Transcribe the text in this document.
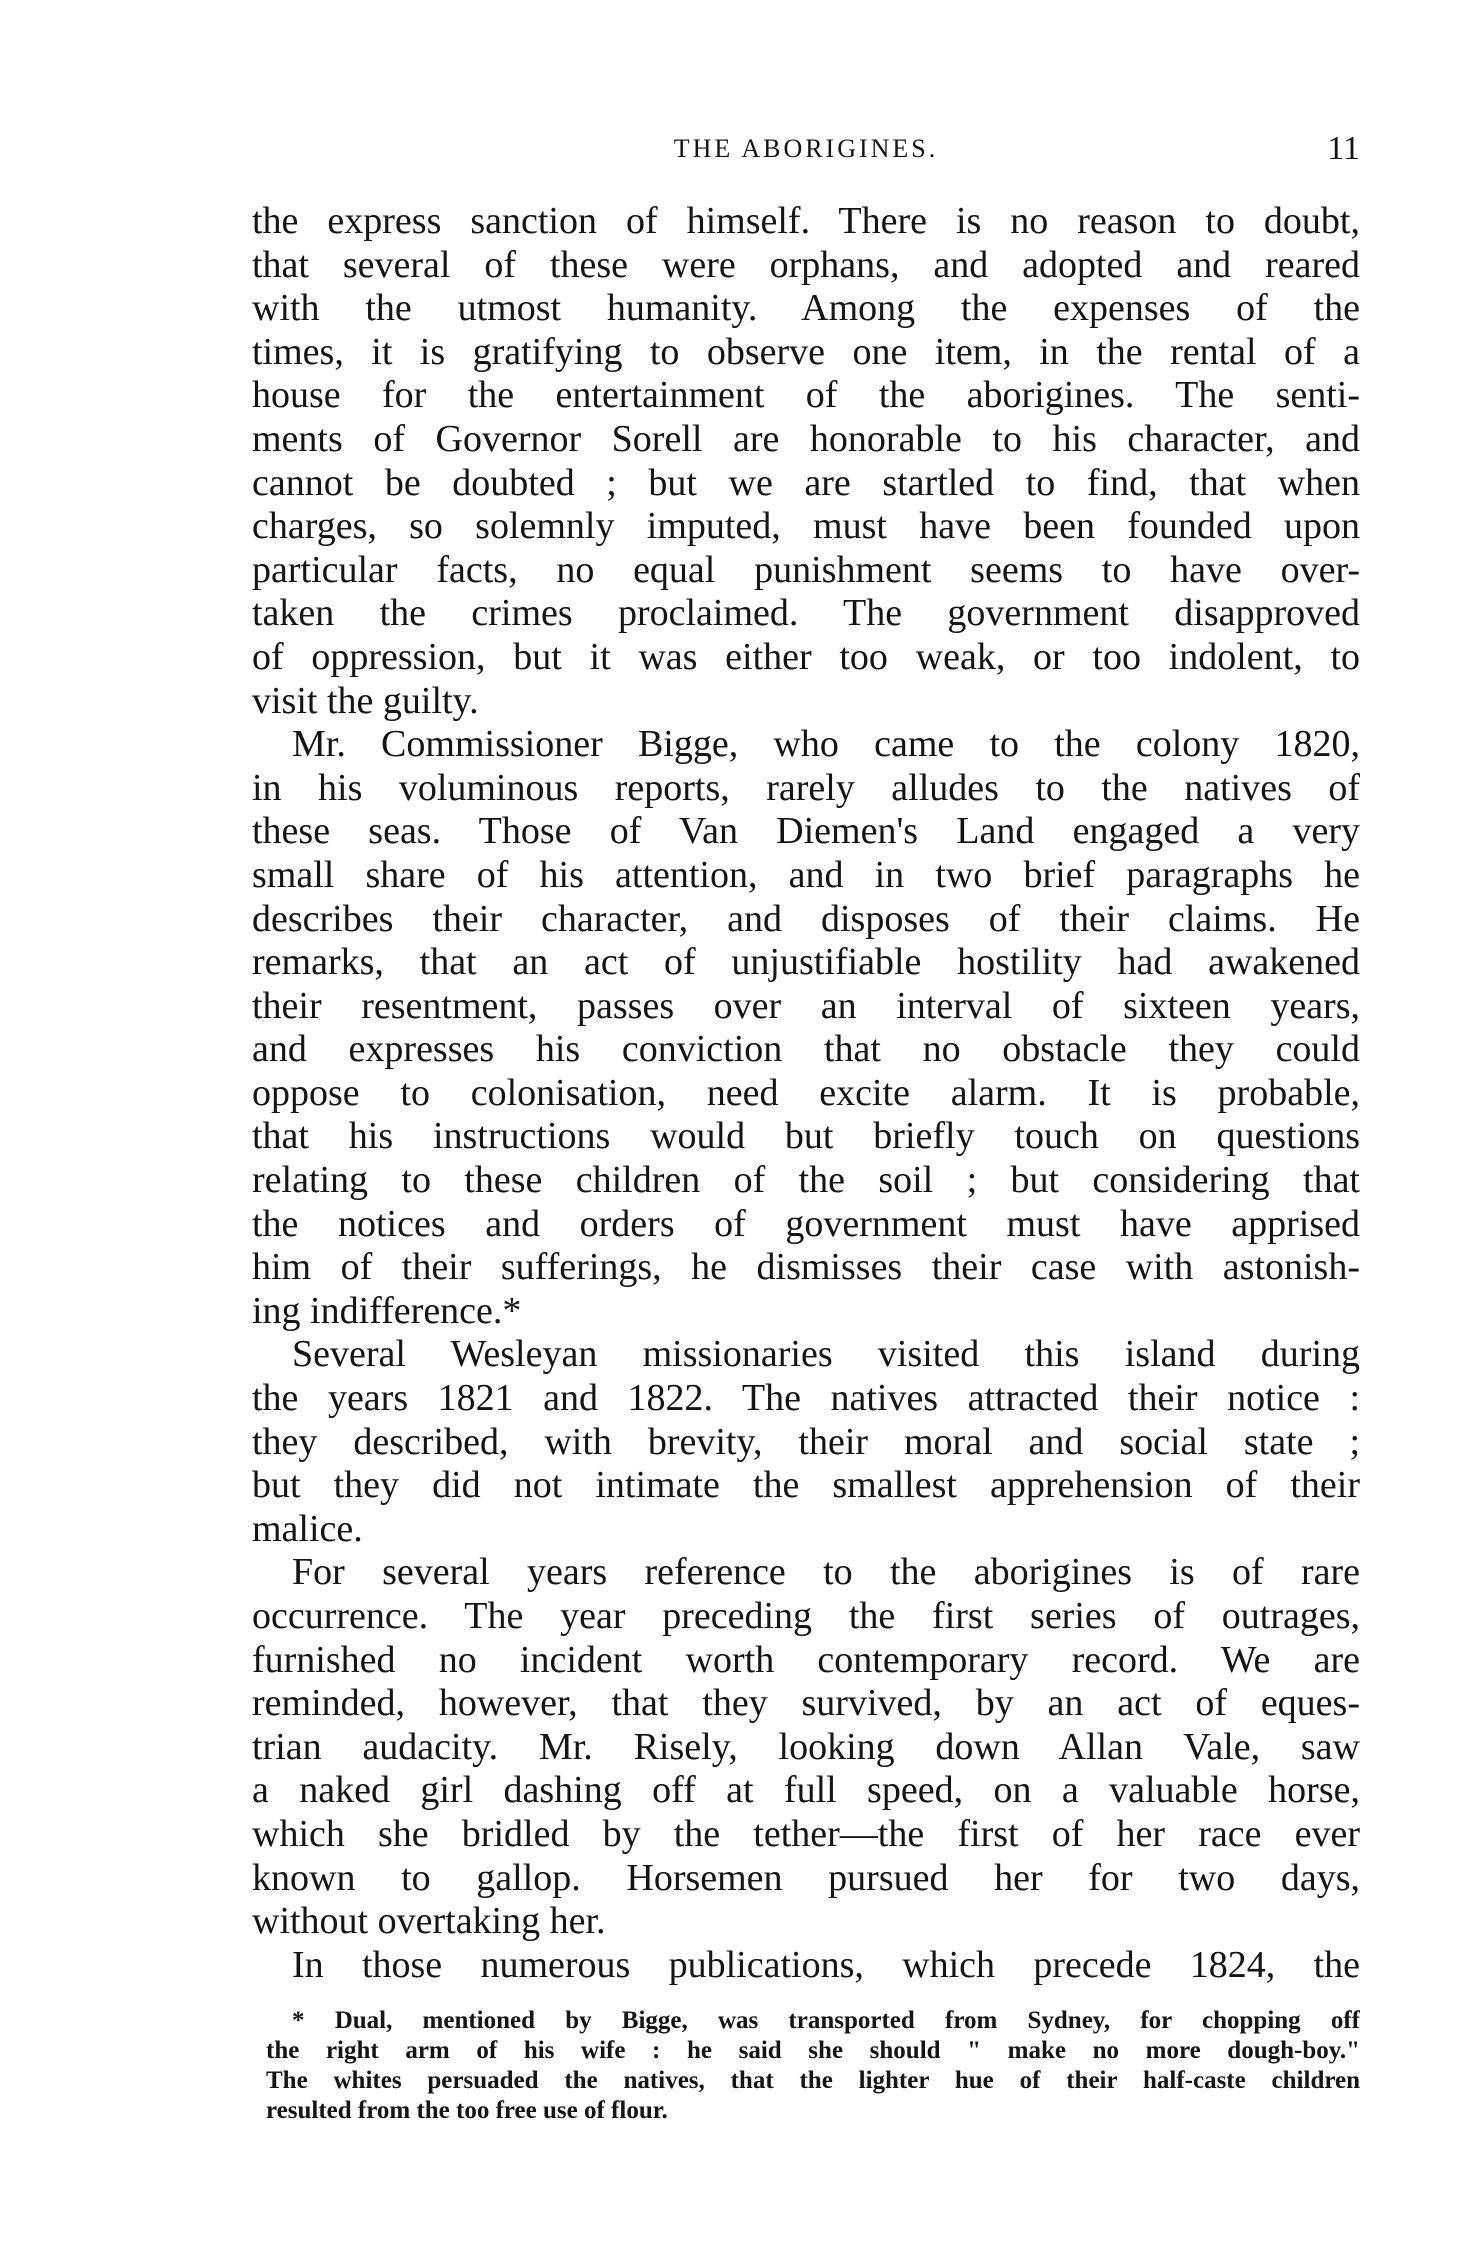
THE ABORIGINES.	11
the express sanction of himself. There is no reason to doubt,
that several of these were orphans, and adopted and reared
with the utmost humanity. Among the expenses of the
times, it is gratifying to observe one item, in the rental of a
house for the entertainment of the aborigines. The senti-
ments of Governor Sorell are honorable to his character, and
cannot be doubted ; but we are startled to find, that when
charges, so solemnly imputed, must have been founded upon
particular facts, no equal punishment seems to have over-
taken the crimes proclaimed. The government disapproved
of oppression, but it was either too weak, or too indolent, to
visit the guilty.
Mr. Commissioner Bigge, who came to the colony 1820,
in his voluminous reports, rarely alludes to the natives of
these seas. Those of Van Diemen's Land engaged a very
small share of his attention, and in two brief paragraphs he
describes their character, and disposes of their claims. He
remarks, that an act of unjustifiable hostility had awakened
their resentment, passes over an interval of sixteen years,
and expresses his conviction that no obstacle they could
oppose to colonisation, need excite alarm. It is probable,
that his instructions would but briefly touch on questions
relating to these children of the soil ; but considering that
the notices and orders of government must have apprised
him of their sufferings, he dismisses their case with astonish-
ing indifference.*
Several Wesleyan missionaries visited this island during
the years 1821 and 1822. The natives attracted their notice :
they described, with brevity, their moral and social state ;
but they did not intimate the smallest apprehension of their
malice.
For several years reference to the aborigines is of rare
occurrence. The year preceding the first series of outrages,
furnished no incident worth contemporary record. We are
reminded, however, that they survived, by an act of eques-
trian audacity. Mr. Risely, looking down Allan Vale, saw
a naked girl dashing off at full speed, on a valuable horse,
which she bridled by the tether—the first of her race ever
known to gallop. Horsemen pursued her for two days,
without overtaking her.
In those numerous publications, which precede 1824, the
* Dual, mentioned by Bigge, was transported from Sydney, for chopping off
the right arm of his wife : he said she should " make no more dough-boy."
The whites persuaded the natives, that the lighter hue of their half-caste children
resulted from the too free use of flour.
